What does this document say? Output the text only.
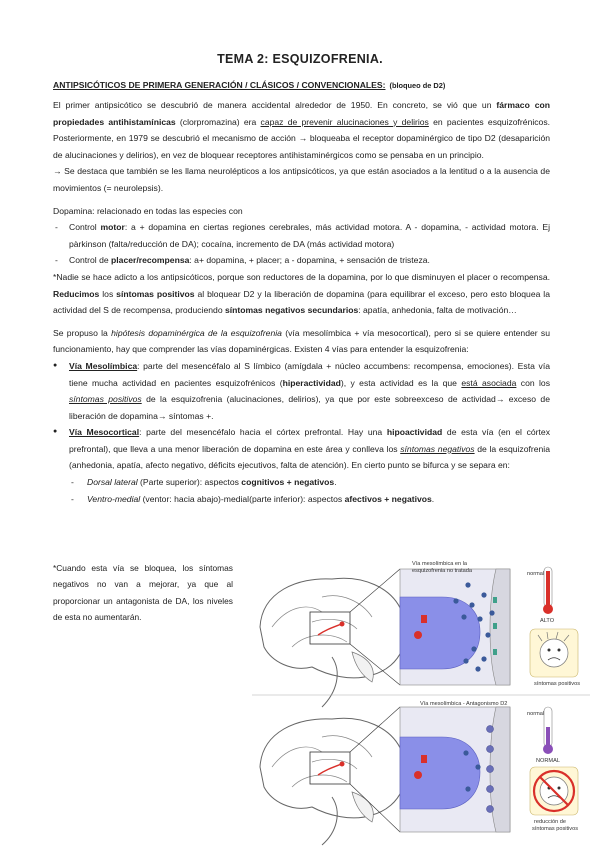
TEMA 2: ESQUIZOFRENIA.
ANTIPSICÓTICOS DE PRIMERA GENERACIÓN / CLÁSICOS / CONVENCIONALES: (bloqueo de D2)

El primer antipsicótico se descubrió de manera accidental alrededor de 1950. En concreto, se vió que un fármaco con propiedades antihistamínicas (clorpromazina) era capaz de prevenir alucinaciones y delirios en pacientes esquizofrénicos. Posteriormente, en 1979 se descubrió el mecanismo de acción → bloqueaba el receptor dopaminérgico de tipo D2 (desaparición de alucinaciones y delirios), en vez de bloquear receptores antihistaminérgicos como se pensaba en un principio.

→ Se destaca que también se les llama neurolépticos a los antipsicóticos, ya que están asociados a la lentitud o a la ausencia de movimientos (= neurolepsis).

Dopamina: relacionado en todas las especies con

- Control motor: a + dopamina en ciertas regiones cerebrales, más actividad motora. A - dopamina, - actividad motora. Ej pàrkinson (falta/reducción de DA); cocaína, incremento de DA (más actividad motora)

- Control de placer/recompensa: a+ dopamina, + placer; a - dopamina, + sensación de tristeza.

*Nadie se hace adicto a los antipsicóticos, porque son reductores de la dopamina, por lo que disminuyen el placer o recompensa. Reducimos los síntomas positivos al bloquear D2 y la liberación de dopamina (para equilibrar el exceso, pero esto bloquea la actividad del S de recompensa, produciendo síntomas negativos secundarios: apatía, anhedonia, falta de motivación…

Se propuso la hipótesis dopaminérgica de la esquizofrenia (vía mesolímbica + vía mesocortical), pero si se quiere entender su funcionamiento, hay que comprender las vías dopaminérgicas. Existen 4 vías para entender la esquizofrenia:

● Vía Mesolímbica: parte del mesencéfalo al S límbico (amígdala + núcleo accumbens: recompensa, emociones). Esta vía tiene mucha actividad en pacientes esquizofrénicos (hiperactividad), y esta actividad es la que está asociada con los síntomas positivos de la esquizofrenia (alucinaciones, delirios), ya que por este sobreexceso de actividad→ exceso de liberación de dopamina→ síntomas +.

● Vía Mesocortical: parte del mesencéfalo hacia el córtex prefrontal. Hay una hipoactividad de esta vía (en el córtex prefrontal), que lleva a una menor liberación de dopamina en este área y conlleva los síntomas negativos de la esquizofrenia (anhedonia, apatía, afecto negativo, déficits ejecutivos, falta de atención). En cierto punto se bifurca y se separa en:

- Dorsal lateral (Parte superior): aspectos cognitivos + negativos.

- Ventro-medial (ventor: hacia abajo)-medial(parte inferior): aspectos afectivos + negativos.

*Cuando esta vía se bloquea, los síntomas negativos no van a mejorar, ya que al proporcionar un antagonista de DA, los niveles de esta no aumentarán.
Vía mesolímbica en la
esquizofrenia no tratada	normal
ALTO
síntomas positivos
Vía mesolímbica - Antagonismo D2
normal
NORMAL
reducción de
síntomas positivos
